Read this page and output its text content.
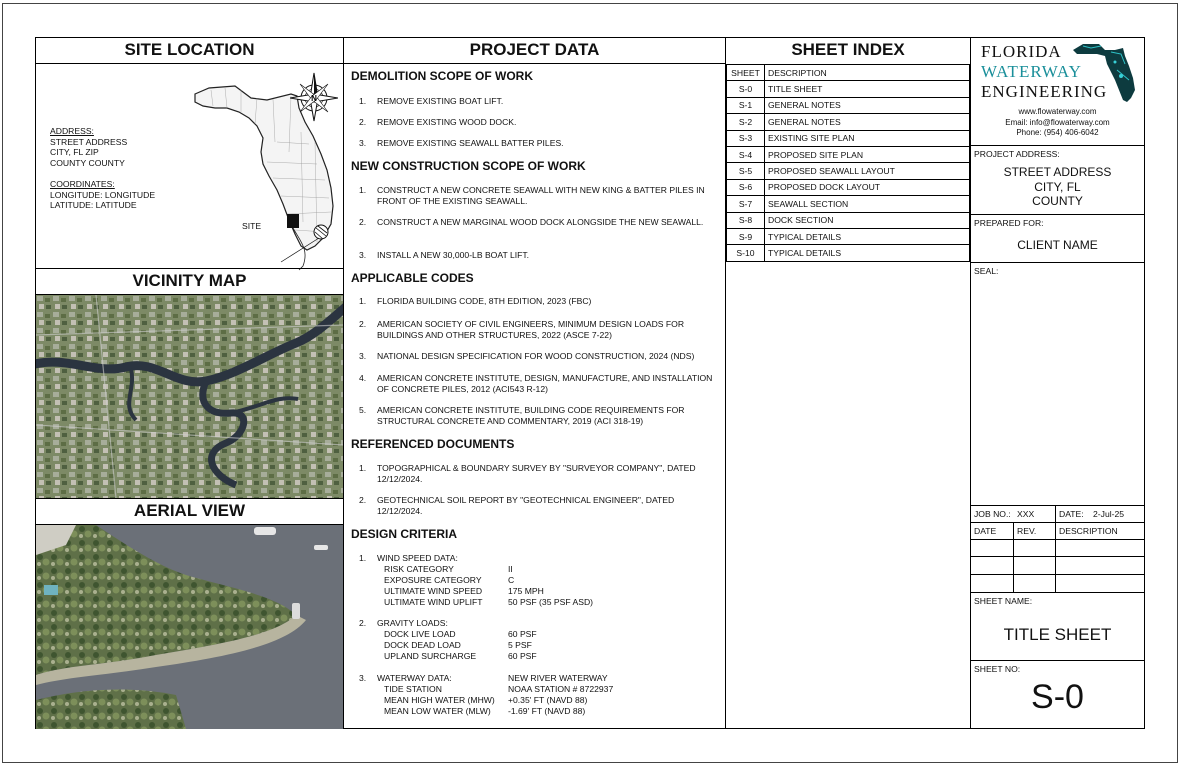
SITE LOCATION
ADDRESS:
STREET ADDRESS
CITY, FL ZIP
COUNTY COUNTY
COORDINATES:
LONGITUDE: LONGITUDE
LATITUDE: LATITUDE
SITE
N
VICINITY MAP
AERIAL VIEW
PROJECT DATA
DEMOLITION SCOPE OF WORK
1. REMOVE EXISTING BOAT LIFT.
2. REMOVE EXISTING WOOD DOCK.
3. REMOVE EXISTING SEAWALL BATTER PILES.
NEW CONSTRUCTION SCOPE OF WORK
1. CONSTRUCT A NEW CONCRETE SEAWALL WITH NEW KING & BATTER PILES IN FRONT OF THE EXISTING SEAWALL.
2. CONSTRUCT A NEW MARGINAL WOOD DOCK ALONGSIDE THE NEW SEAWALL.
3. INSTALL A NEW 30,000-LB BOAT LIFT.
APPLICABLE CODES
1. FLORIDA BUILDING CODE, 8TH EDITION, 2023 (FBC)
2. AMERICAN SOCIETY OF CIVIL ENGINEERS, MINIMUM DESIGN LOADS FOR BUILDINGS AND OTHER STRUCTURES, 2022 (ASCE 7-22)
3. NATIONAL DESIGN SPECIFICATION FOR WOOD CONSTRUCTION, 2024 (NDS)
4. AMERICAN CONCRETE INSTITUTE, DESIGN, MANUFACTURE, AND INSTALLATION OF CONCRETE PILES, 2012 (ACI543 R-12)
5. AMERICAN CONCRETE INSTITUTE, BUILDING CODE REQUIREMENTS FOR STRUCTURAL CONCRETE AND COMMENTARY, 2019 (ACI 318-19)
REFERENCED DOCUMENTS
1. TOPOGRAPHICAL & BOUNDARY SURVEY BY "SURVEYOR COMPANY", DATED 12/12/2024.
2. GEOTECHNICAL SOIL REPORT BY "GEOTECHNICAL ENGINEER", DATED 12/12/2024.
DESIGN CRITERIA
1. WIND SPEED DATA:
RISK CATEGORY	II
EXPOSURE CATEGORY	C
ULTIMATE WIND SPEED	175 MPH
ULTIMATE WIND UPLIFT	50 PSF (35 PSF ASD)
2. GRAVITY LOADS:
DOCK LIVE LOAD	60 PSF
DOCK DEAD LOAD	5 PSF
UPLAND SURCHARGE	60 PSF
3. WATERWAY DATA:	NEW RIVER WATERWAY
TIDE STATION	NOAA STATION # 8722937
MEAN HIGH WATER (MHW) +0.35' FT (NAVD 88)
MEAN LOW WATER (MLW) -1.69' FT (NAVD 88)
SHEET INDEX
SHEET	DESCRIPTION
S-0	TITLE SHEET
S-1	GENERAL NOTES
S-2	GENERAL NOTES
S-3	EXISTING SITE PLAN
S-4	PROPOSED SITE PLAN
S-5	PROPOSED SEAWALL LAYOUT
S-6	PROPOSED DOCK LAYOUT
S-7	SEAWALL SECTION
S-8	DOCK SECTION
S-9	TYPICAL DETAILS
S-10	TYPICAL DETAILS
FLORIDA
WATERWAY
ENGINEERING
www.flowaterway.com
Email: info@flowaterway.com
Phone: (954) 406-6042
PROJECT ADDRESS:
STREET ADDRESS
CITY, FL
COUNTY
PREPARED FOR:
CLIENT NAME
SEAL:
JOB NO.: XXX	DATE: 2-Jul-25
DATE REV.	DESCRIPTION
SHEET NAME:
TITLE SHEET
SHEET NO:
S-0
